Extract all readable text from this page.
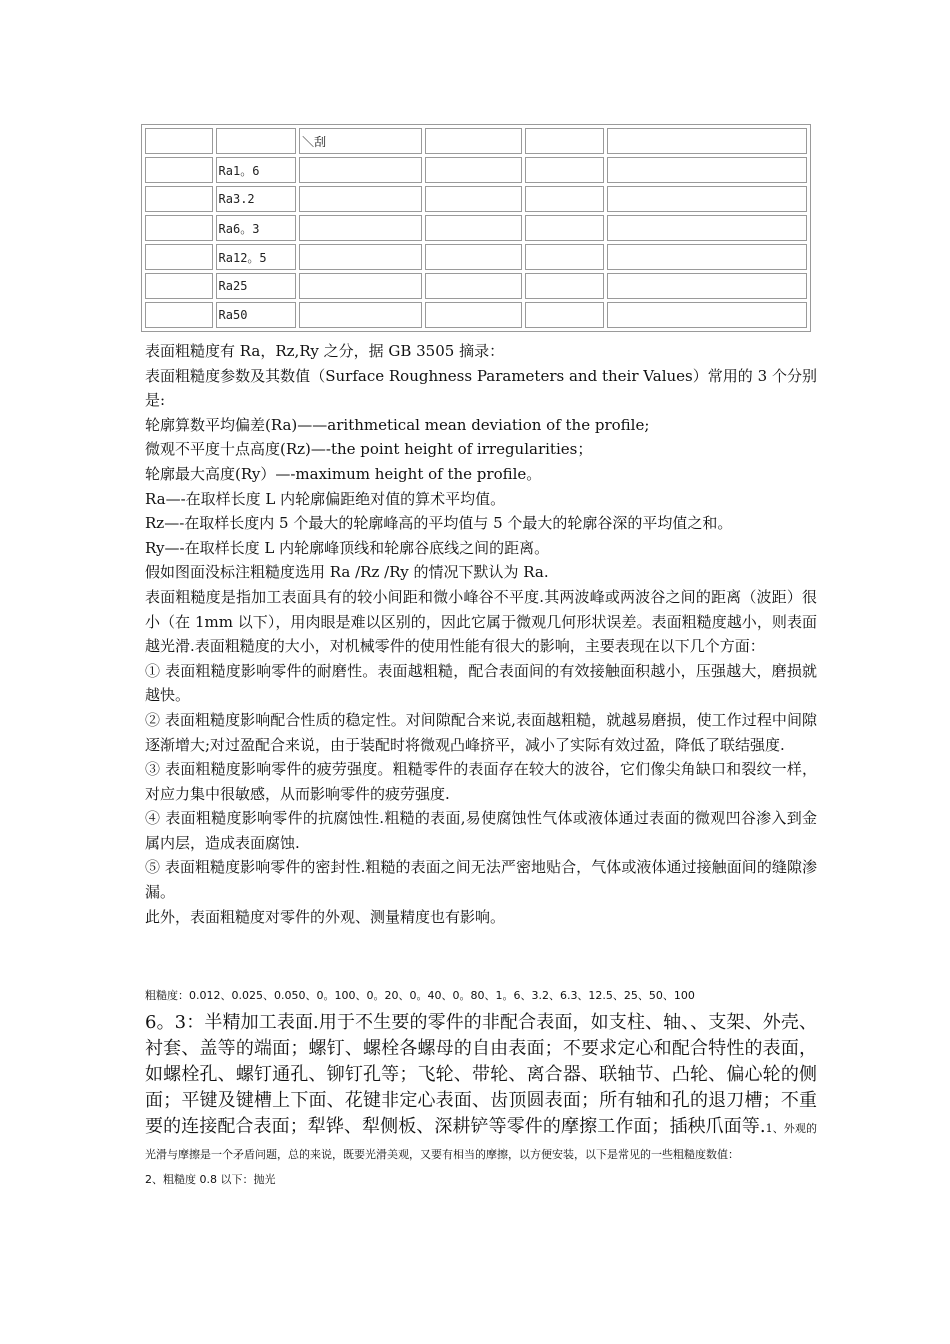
		＼刮			
	Ra1。6				
	Ra3.2				
	Ra6。3				
	Ra12。5				
	Ra25				
	Ra50				

表面粗糙度有 Ra，Rz,Ry 之分，据 GB 3505 摘录：

表面粗糙度参数及其数值（Surface Roughness Parameters and their Values）常用的 3 个分别是:

轮廓算数平均偏差(Ra)——arithmetical mean deviation of the profile;

微观不平度十点高度(Rz)—-the point height of irregularities；

轮廓最大高度(Ry）—-maximum height of the profile。

Ra—-在取样长度 L 内轮廓偏距绝对值的算术平均值。

Rz—-在取样长度内 5 个最大的轮廓峰高的平均值与 5 个最大的轮廓谷深的平均值之和。

Ry—-在取样长度 L 内轮廓峰顶线和轮廓谷底线之间的距离。

假如图面没标注粗糙度选用 Ra /Rz /Ry 的情况下默认为 Ra.

表面粗糙度是指加工表面具有的较小间距和微小峰谷不平度.其两波峰或两波谷之间的距离（波距）很小（在 1mm 以下），用肉眼是难以区别的，因此它属于微观几何形状误差。表面粗糙度越小，则表面越光滑.表面粗糙度的大小，对机械零件的使用性能有很大的影响，主要表现在以下几个方面：

① 表面粗糙度影响零件的耐磨性。表面越粗糙，配合表面间的有效接触面积越小，压强越大，磨损就越快。

② 表面粗糙度影响配合性质的稳定性。对间隙配合来说,表面越粗糙，就越易磨损，使工作过程中间隙逐渐增大;对过盈配合来说，由于装配时将微观凸峰挤平，减小了实际有效过盈，降低了联结强度.

③ 表面粗糙度影响零件的疲劳强度。粗糙零件的表面存在较大的波谷，它们像尖角缺口和裂纹一样，对应力集中很敏感，从而影响零件的疲劳强度.

④ 表面粗糙度影响零件的抗腐蚀性.粗糙的表面,易使腐蚀性气体或液体通过表面的微观凹谷渗入到金属内层，造成表面腐蚀.

⑤ 表面粗糙度影响零件的密封性.粗糙的表面之间无法严密地贴合，气体或液体通过接触面间的缝隙渗漏。

此外，表面粗糙度对零件的外观、测量精度也有影响。

粗糙度：0.012、0.025、0.050、0。100、0。20、0。40、0。80、1。6、3.2、6.3、12.5、25、50、100

6。3：半精加工表面.用于不生要的零件的非配合表面，如支柱、轴、、支架、外壳、衬套、盖等的端面；螺钉、螺栓各螺母的自由表面；不要求定心和配合特性的表面，如螺栓孔、螺钉通孔、铆钉孔等；飞轮、带轮、离合器、联轴节、凸轮、偏心轮的侧面；平键及键槽上下面、花键非定心表面、齿顶圆表面；所有轴和孔的退刀槽；不重要的连接配合表面；犁铧、犁侧板、深耕铲等零件的摩擦工作面；插秧爪面等.1、外观的光滑与摩擦是一个矛盾问题，总的来说，既要光滑美观，又要有相当的摩擦，以方便安装，以下是常见的一些粗糙度数值：

2、粗糙度 0.8 以下：抛光
